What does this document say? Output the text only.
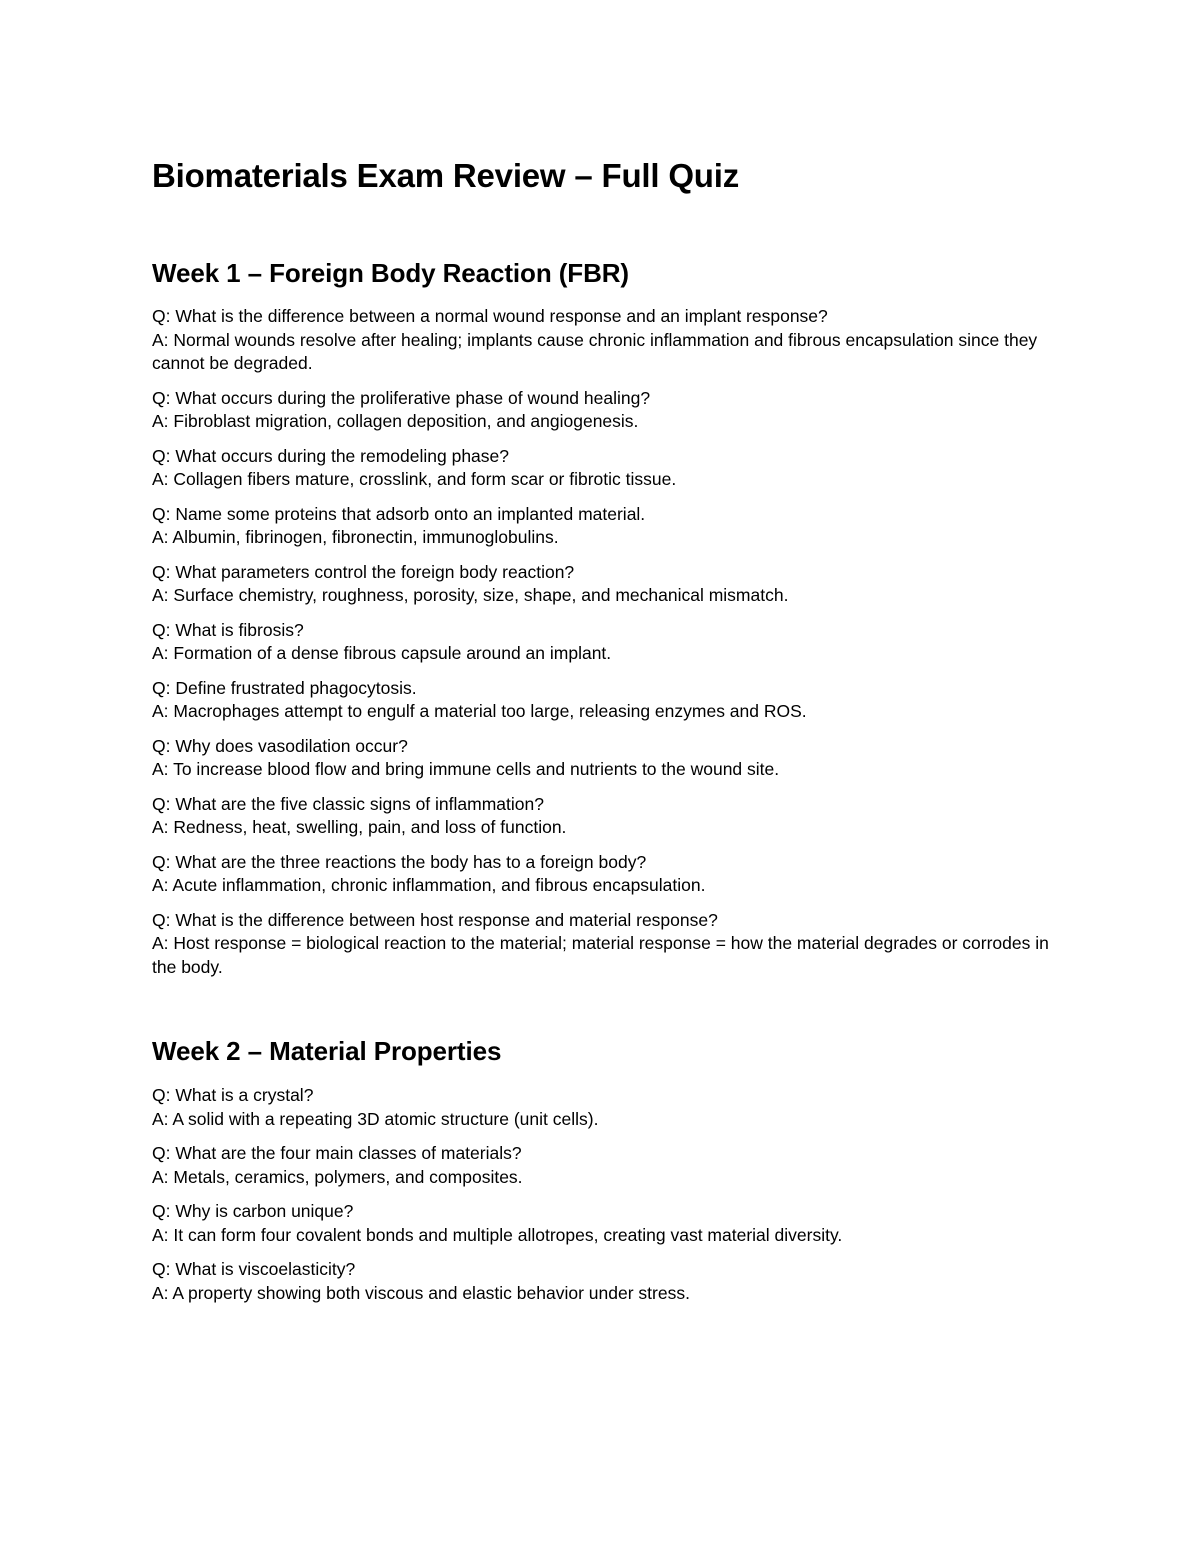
Biomaterials Exam Review – Full Quiz
Week 1 – Foreign Body Reaction (FBR)
Q: What is the difference between a normal wound response and an implant response?
A: Normal wounds resolve after healing; implants cause chronic inflammation and fibrous encapsulation since they cannot be degraded.
Q: What occurs during the proliferative phase of wound healing?
A: Fibroblast migration, collagen deposition, and angiogenesis.
Q: What occurs during the remodeling phase?
A: Collagen fibers mature, crosslink, and form scar or fibrotic tissue.
Q: Name some proteins that adsorb onto an implanted material.
A: Albumin, fibrinogen, fibronectin, immunoglobulins.
Q: What parameters control the foreign body reaction?
A: Surface chemistry, roughness, porosity, size, shape, and mechanical mismatch.
Q: What is fibrosis?
A: Formation of a dense fibrous capsule around an implant.
Q: Define frustrated phagocytosis.
A: Macrophages attempt to engulf a material too large, releasing enzymes and ROS.
Q: Why does vasodilation occur?
A: To increase blood flow and bring immune cells and nutrients to the wound site.
Q: What are the five classic signs of inflammation?
A: Redness, heat, swelling, pain, and loss of function.
Q: What are the three reactions the body has to a foreign body?
A: Acute inflammation, chronic inflammation, and fibrous encapsulation.
Q: What is the difference between host response and material response?
A: Host response = biological reaction to the material; material response = how the material degrades or corrodes in the body.
Week 2 – Material Properties
Q: What is a crystal?
A: A solid with a repeating 3D atomic structure (unit cells).
Q: What are the four main classes of materials?
A: Metals, ceramics, polymers, and composites.
Q: Why is carbon unique?
A: It can form four covalent bonds and multiple allotropes, creating vast material diversity.
Q: What is viscoelasticity?
A: A property showing both viscous and elastic behavior under stress.
